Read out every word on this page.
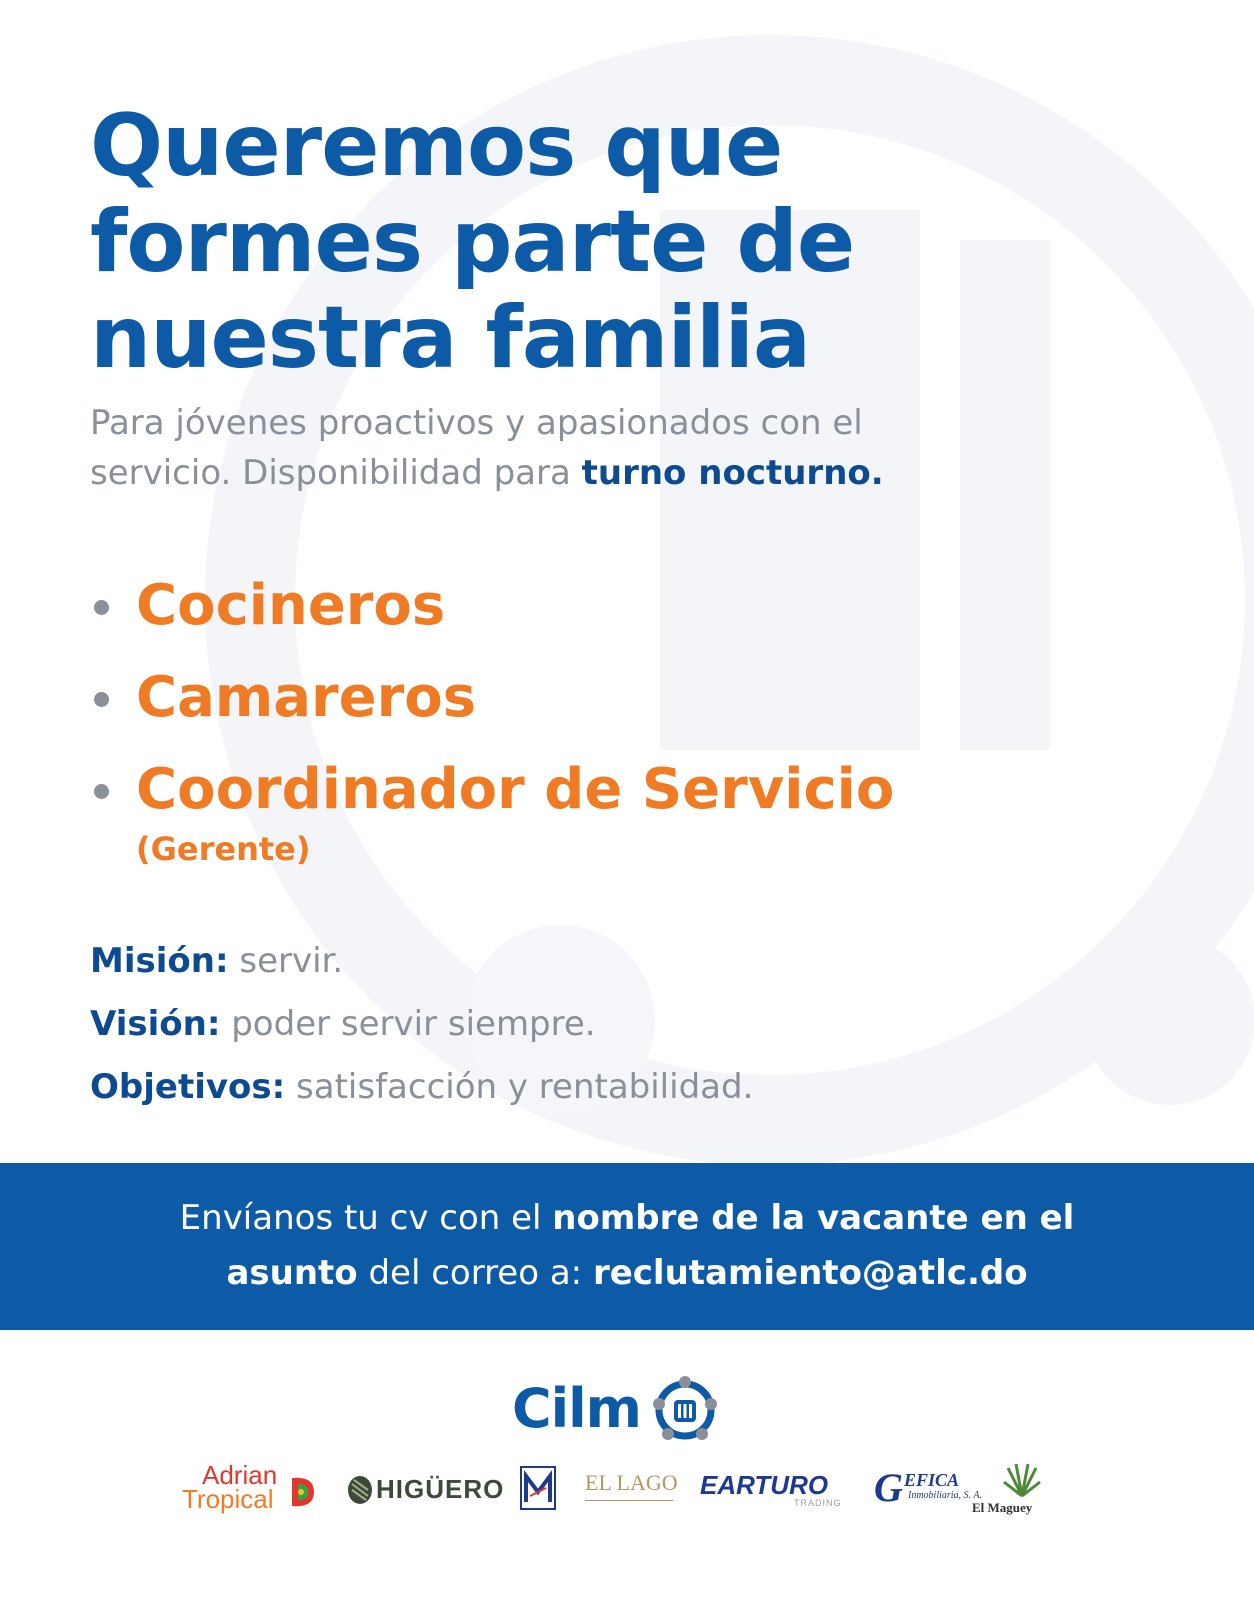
Queremos que
formes parte de
nuestra familia

Para jóvenes proactivos y apasionados con el
servicio. Disponibilidad para turno nocturno.

Cocineros
Camareros
Coordinador de Servicio
(Gerente)
Misión: servir.
Visión: poder servir siempre.
Objetivos: satisfacción y rentabilidad.
Envíanos tu cv con el nombre de la vacante en el
asunto del correo a: reclutamiento@atlc.do
Cilm
Adrian
Tropical	HIGÜERO	EL LAGO EARTURO
TRADING G EFICA
Inmobiliaria, S. A.
El Maguey
